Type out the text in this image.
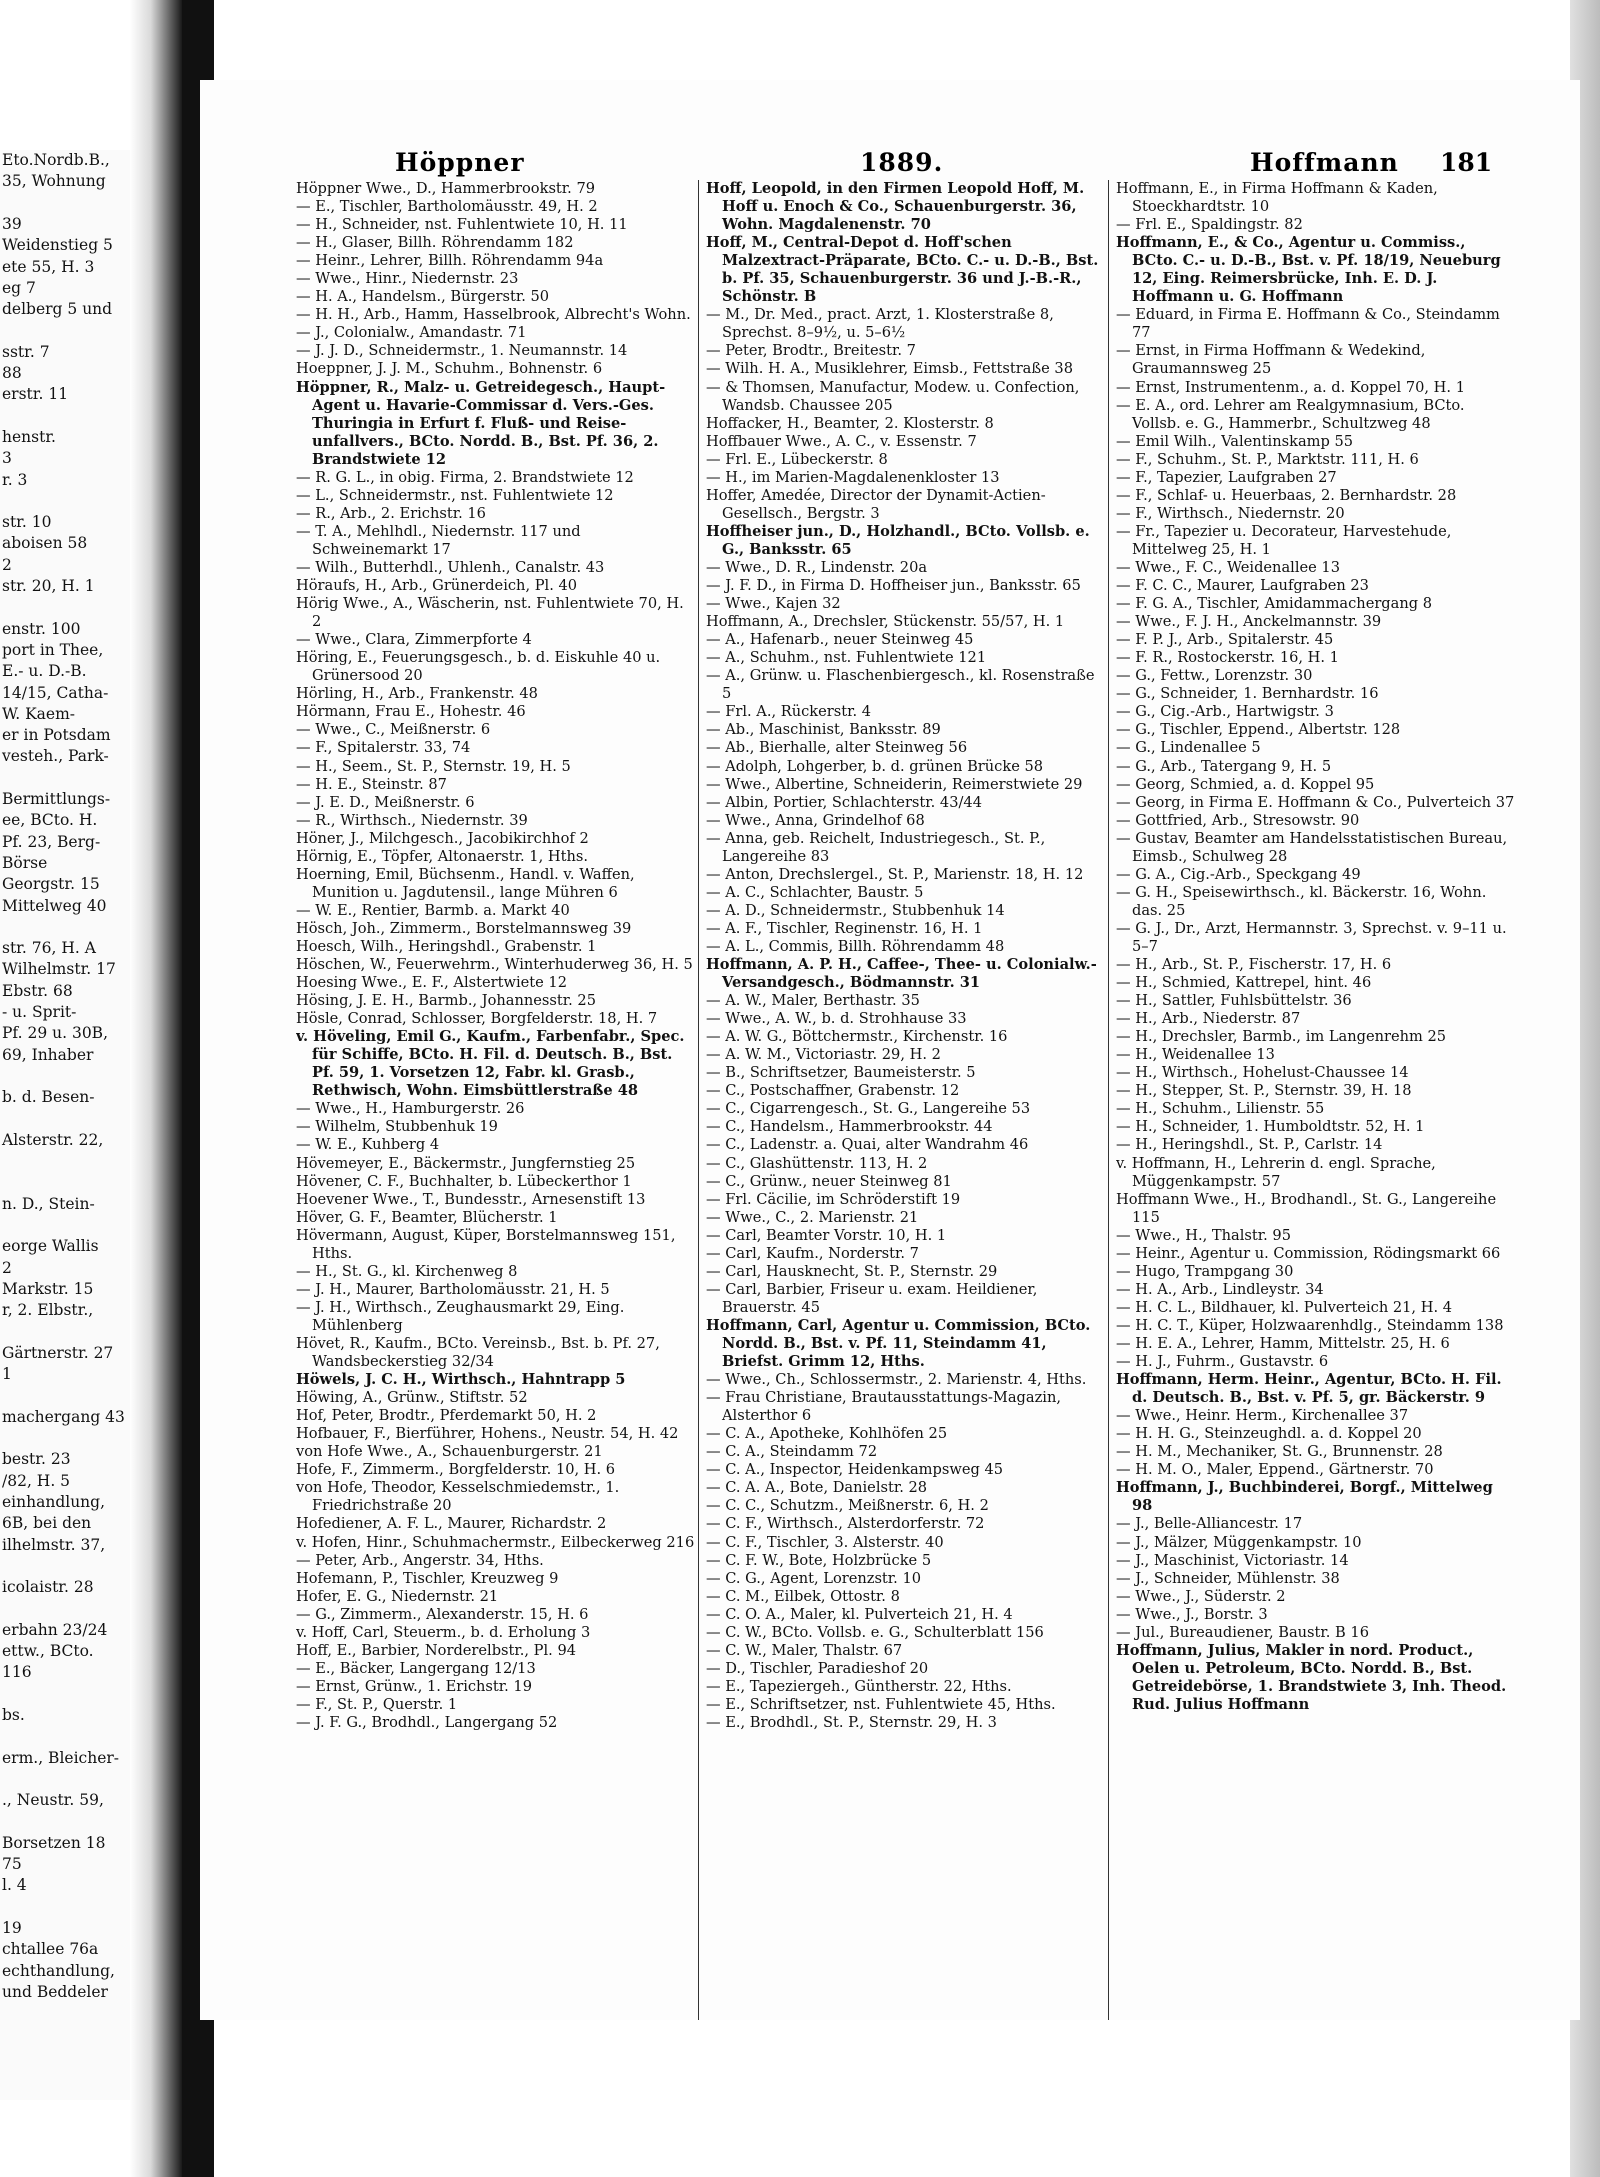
Eto.Nordb.B.,
35, Wohnung
39
Weidenstieg 5
ete 55, H. 3
eg 7
delberg 5 und
sstr. 7
88
erstr. 11
henstr.
3
r. 3
str. 10
aboisen 58
2
str. 20, H. 1
enstr. 100
port in Thee,
E.- u. D.-B.
14/15, Catha-
W. Kaem-
er in Potsdam
vesteh., Park-
Bermittlungs-
ee, BCto. H.
Pf. 23, Berg-
Börse
Georgstr. 15
Mittelweg 40
str. 76, H. A
Wilhelmstr. 17
Ebstr. 68
- u. Sprit-
Pf. 29 u. 30B,
69, Inhaber
b. d. Besen-
Alsterstr. 22,
n. D., Stein-
eorge Wallis
2
Markstr. 15
r, 2. Elbstr.,
Gärtnerstr. 27
1
machergang 43
bestr. 23
/82, H. 5
einhandlung,
6B, bei den
ilhelmstr. 37,
icolaistr. 28
erbahn 23/24
ettw., BCto.
116
bs.
erm., Bleicher-
., Neustr. 59,
Borsetzen 18
75
l. 4
19
chtallee 76a
echthandlung,
und Beddeler
Höppner	1889.	Hoffmann 181
Höppner Wwe., D., Hammerbrookstr. 79
— E., Tischler, Bartholomäusstr. 49, H. 2
— H., Schneider, nst. Fuhlentwiete 10, H. 11
— H., Glaser, Billh. Röhrendamm 182
— Heinr., Lehrer, Billh. Röhrendamm 94a
— Wwe., Hinr., Niedernstr. 23
— H. A., Handelsm., Bürgerstr. 50
— H. H., Arb., Hamm, Hasselbrook, Albrecht's Wohn.
— J., Colonialw., Amandastr. 71
— J. J. D., Schneidermstr., 1. Neumannstr. 14
Hoeppner, J. J. M., Schuhm., Bohnenstr. 6
Höppner, R., Malz- u. Getreidegesch., Haupt-Agent u. Havarie-Commissar d. Vers.-Ges. Thuringia in Erfurt f. Fluß- und Reise-unfallvers., BCto. Nordd. B., Bst. Pf. 36, 2. Brandstwiete 12
— R. G. L., in obig. Firma, 2. Brandstwiete 12
— L., Schneidermstr., nst. Fuhlentwiete 12
— R., Arb., 2. Erichstr. 16
— T. A., Mehlhdl., Niedernstr. 117 und Schweinemarkt 17
— Wilh., Butterhdl., Uhlenh., Canalstr. 43
Höraufs, H., Arb., Grünerdeich, Pl. 40
Hörig Wwe., A., Wäscherin, nst. Fuhlentwiete 70, H. 2
— Wwe., Clara, Zimmerpforte 4
Höring, E., Feuerungsgesch., b. d. Eiskuhle 40 u. Grünersood 20
Hörling, H., Arb., Frankenstr. 48
Hörmann, Frau E., Hohestr. 46
— Wwe., C., Meißnerstr. 6
— F., Spitalerstr. 33, 74
— H., Seem., St. P., Sternstr. 19, H. 5
— H. E., Steinstr. 87
— J. E. D., Meißnerstr. 6
— R., Wirthsch., Niedernstr. 39
Höner, J., Milchgesch., Jacobikirchhof 2
Hörnig, E., Töpfer, Altonaerstr. 1, Hths.
Hoerning, Emil, Büchsenm., Handl. v. Waffen, Munition u. Jagdutensil., lange Mühren 6
— W. E., Rentier, Barmb. a. Markt 40
Hösch, Joh., Zimmerm., Borstelmannsweg 39
Hoesch, Wilh., Heringshdl., Grabenstr. 1
Höschen, W., Feuerwehrm., Winterhuderweg 36, H. 5
Hoesing Wwe., E. F., Alstertwiete 12
Hösing, J. E. H., Barmb., Johannesstr. 25
Hösle, Conrad, Schlosser, Borgfelderstr. 18, H. 7
v. Höveling, Emil G., Kaufm., Farbenfabr., Spec. für Schiffe, BCto. H. Fil. d. Deutsch. B., Bst. Pf. 59, 1. Vorsetzen 12, Fabr. kl. Grasb., Rethwisch, Wohn. Eimsbüttlerstraße 48
— Wwe., H., Hamburgerstr. 26
— Wilhelm, Stubbenhuk 19
— W. E., Kuhberg 4
Hövemeyer, E., Bäckermstr., Jungfernstieg 25
Hövener, C. F., Buchhalter, b. Lübeckerthor 1
Hoevener Wwe., T., Bundesstr., Arnesenstift 13
Höver, G. F., Beamter, Blücherstr. 1
Hövermann, August, Küper, Borstelmannsweg 151, Hths.
— H., St. G., kl. Kirchenweg 8
— J. H., Maurer, Bartholomäusstr. 21, H. 5
— J. H., Wirthsch., Zeughausmarkt 29, Eing. Mühlenberg
Hövet, R., Kaufm., BCto. Vereinsb., Bst. b. Pf. 27, Wandsbeckerstieg 32/34
Höwels, J. C. H., Wirthsch., Hahntrapp 5
Höwing, A., Grünw., Stiftstr. 52
Hof, Peter, Brodtr., Pferdemarkt 50, H. 2
Hofbauer, F., Bierführer, Hohens., Neustr. 54, H. 42
von Hofe Wwe., A., Schauenburgerstr. 21
Hofe, F., Zimmerm., Borgfelderstr. 10, H. 6
von Hofe, Theodor, Kesselschmiedemstr., 1. Friedrichstraße 20
Hofediener, A. F. L., Maurer, Richardstr. 2
v. Hofen, Hinr., Schuhmachermstr., Eilbeckerweg 216
— Peter, Arb., Angerstr. 34, Hths.
Hofemann, P., Tischler, Kreuzweg 9
Hofer, E. G., Niedernstr. 21
— G., Zimmerm., Alexanderstr. 15, H. 6
v. Hoff, Carl, Steuerm., b. d. Erholung 3
Hoff, E., Barbier, Norderelbstr., Pl. 94
— E., Bäcker, Langergang 12/13
— Ernst, Grünw., 1. Erichstr. 19
— F., St. P., Querstr. 1
— J. F. G., Brodhdl., Langergang 52
Hoff, Leopold, in den Firmen Leopold Hoff, M. Hoff u. Enoch & Co., Schauenburgerstr. 36, Wohn. Magdalenenstr. 70
Hoff, M., Central-Depot d. Hoff'schen Malzextract-Präparate, BCto. C.- u. D.-B., Bst. b. Pf. 35, Schauenburgerstr. 36 und J.-B.-R., Schönstr. B
— M., Dr. Med., pract. Arzt, 1. Klosterstraße 8, Sprechst. 8–9½, u. 5–6½
— Peter, Brodtr., Breitestr. 7
— Wilh. H. A., Musiklehrer, Eimsb., Fettstraße 38
— & Thomsen, Manufactur, Modew. u. Confection, Wandsb. Chaussee 205
Hoffacker, H., Beamter, 2. Klosterstr. 8
Hoffbauer Wwe., A. C., v. Essenstr. 7
— Frl. E., Lübeckerstr. 8
— H., im Marien-Magdalenenkloster 13
Hoffer, Amedée, Director der Dynamit-Actien-Gesellsch., Bergstr. 3
Hoffheiser jun., D., Holzhandl., BCto. Vollsb. e. G., Banksstr. 65
— Wwe., D. R., Lindenstr. 20a
— J. F. D., in Firma D. Hoffheiser jun., Banksstr. 65
— Wwe., Kajen 32
Hoffmann, A., Drechsler, Stückenstr. 55/57, H. 1
— A., Hafenarb., neuer Steinweg 45
— A., Schuhm., nst. Fuhlentwiete 121
— A., Grünw. u. Flaschenbiergesch., kl. Rosenstraße 5
— Frl. A., Rückerstr. 4
— Ab., Maschinist, Banksstr. 89
— Ab., Bierhalle, alter Steinweg 56
— Adolph, Lohgerber, b. d. grünen Brücke 58
— Wwe., Albertine, Schneiderin, Reimerstwiete 29
— Albin, Portier, Schlachterstr. 43/44
— Wwe., Anna, Grindelhof 68
— Anna, geb. Reichelt, Industriegesch., St. P., Langereihe 83
— Anton, Drechslergel., St. P., Marienstr. 18, H. 12
— A. C., Schlachter, Baustr. 5
— A. D., Schneidermstr., Stubbenhuk 14
— A. F., Tischler, Reginenstr. 16, H. 1
— A. L., Commis, Billh. Röhrendamm 48
Hoffmann, A. P. H., Caffee-, Thee- u. Colonialw.-Versandgesch., Bödmannstr. 31
— A. W., Maler, Berthastr. 35
— Wwe., A. W., b. d. Strohhause 33
— A. W. G., Böttchermstr., Kirchenstr. 16
— A. W. M., Victoriastr. 29, H. 2
— B., Schriftsetzer, Baumeisterstr. 5
— C., Postschaffner, Grabenstr. 12
— C., Cigarrengesch., St. G., Langereihe 53
— C., Handelsm., Hammerbrookstr. 44
— C., Ladenstr. a. Quai, alter Wandrahm 46
— C., Glashüttenstr. 113, H. 2
— C., Grünw., neuer Steinweg 81
— Frl. Cäcilie, im Schröderstift 19
— Wwe., C., 2. Marienstr. 21
— Carl, Beamter Vorstr. 10, H. 1
— Carl, Kaufm., Norderstr. 7
— Carl, Hausknecht, St. P., Sternstr. 29
— Carl, Barbier, Friseur u. exam. Heildiener, Brauerstr. 45
Hoffmann, Carl, Agentur u. Commission, BCto. Nordd. B., Bst. v. Pf. 11, Steindamm 41, Briefst. Grimm 12, Hths.
— Wwe., Ch., Schlossermstr., 2. Marienstr. 4, Hths.
— Frau Christiane, Brautausstattungs-Magazin, Alsterthor 6
— C. A., Apotheke, Kohlhöfen 25
— C. A., Steindamm 72
— C. A., Inspector, Heidenkampsweg 45
— C. A. A., Bote, Danielstr. 28
— C. C., Schutzm., Meißnerstr. 6, H. 2
— C. F., Wirthsch., Alsterdorferstr. 72
— C. F., Tischler, 3. Alsterstr. 40
— C. F. W., Bote, Holzbrücke 5
— C. G., Agent, Lorenzstr. 10
— C. M., Eilbek, Ottostr. 8
— C. O. A., Maler, kl. Pulverteich 21, H. 4
— C. W., BCto. Vollsb. e. G., Schulterblatt 156
— C. W., Maler, Thalstr. 67
— D., Tischler, Paradieshof 20
— E., Tapeziergeh., Güntherstr. 22, Hths.
— E., Schriftsetzer, nst. Fuhlentwiete 45, Hths.
— E., Brodhdl., St. P., Sternstr. 29, H. 3
Hoffmann, E., in Firma Hoffmann & Kaden, Stoeckhardtstr. 10
— Frl. E., Spaldingstr. 82
Hoffmann, E., & Co., Agentur u. Commiss., BCto. C.- u. D.-B., Bst. v. Pf. 18/19, Neueburg 12, Eing. Reimersbrücke, Inh. E. D. J. Hoffmann u. G. Hoffmann
— Eduard, in Firma E. Hoffmann & Co., Steindamm 77
— Ernst, in Firma Hoffmann & Wedekind, Graumannsweg 25
— Ernst, Instrumentenm., a. d. Koppel 70, H. 1
— E. A., ord. Lehrer am Realgymnasium, BCto. Vollsb. e. G., Hammerbr., Schultzweg 48
— Emil Wilh., Valentinskamp 55
— F., Schuhm., St. P., Marktstr. 111, H. 6
— F., Tapezier, Laufgraben 27
— F., Schlaf- u. Heuerbaas, 2. Bernhardstr. 28
— F., Wirthsch., Niedernstr. 20
— Fr., Tapezier u. Decorateur, Harvestehude, Mittelweg 25, H. 1
— Wwe., F. C., Weidenallee 13
— F. C. C., Maurer, Laufgraben 23
— F. G. A., Tischler, Amidammachergang 8
— Wwe., F. J. H., Anckelmannstr. 39
— F. P. J., Arb., Spitalerstr. 45
— F. R., Rostockerstr. 16, H. 1
— G., Fettw., Lorenzstr. 30
— G., Schneider, 1. Bernhardstr. 16
— G., Cig.-Arb., Hartwigstr. 3
— G., Tischler, Eppend., Albertstr. 128
— G., Lindenallee 5
— G., Arb., Tatergang 9, H. 5
— Georg, Schmied, a. d. Koppel 95
— Georg, in Firma E. Hoffmann & Co., Pulverteich 37
— Gottfried, Arb., Stresowstr. 90
— Gustav, Beamter am Handelsstatistischen Bureau, Eimsb., Schulweg 28
— G. A., Cig.-Arb., Speckgang 49
— G. H., Speisewirthsch., kl. Bäckerstr. 16, Wohn. das. 25
— G. J., Dr., Arzt, Hermannstr. 3, Sprechst. v. 9–11 u. 5–7
— H., Arb., St. P., Fischerstr. 17, H. 6
— H., Schmied, Kattrepel, hint. 46
— H., Sattler, Fuhlsbüttelstr. 36
— H., Arb., Niederstr. 87
— H., Drechsler, Barmb., im Langenrehm 25
— H., Weidenallee 13
— H., Wirthsch., Hohelust-Chaussee 14
— H., Stepper, St. P., Sternstr. 39, H. 18
— H., Schuhm., Lilienstr. 55
— H., Schneider, 1. Humboldtstr. 52, H. 1
— H., Heringshdl., St. P., Carlstr. 14
v. Hoffmann, H., Lehrerin d. engl. Sprache, Müggenkampstr. 57
Hoffmann Wwe., H., Brodhandl., St. G., Langereihe 115
— Wwe., H., Thalstr. 95
— Heinr., Agentur u. Commission, Rödingsmarkt 66
— Hugo, Trampgang 30
— H. A., Arb., Lindleystr. 34
— H. C. L., Bildhauer, kl. Pulverteich 21, H. 4
— H. C. T., Küper, Holzwaarenhdlg., Steindamm 138
— H. E. A., Lehrer, Hamm, Mittelstr. 25, H. 6
— H. J., Fuhrm., Gustavstr. 6
Hoffmann, Herm. Heinr., Agentur, BCto. H. Fil. d. Deutsch. B., Bst. v. Pf. 5, gr. Bäckerstr. 9
— Wwe., Heinr. Herm., Kirchenallee 37
— H. H. G., Steinzeughdl. a. d. Koppel 20
— H. M., Mechaniker, St. G., Brunnenstr. 28
— H. M. O., Maler, Eppend., Gärtnerstr. 70
Hoffmann, J., Buchbinderei, Borgf., Mittelweg 98
— J., Belle-Alliancestr. 17
— J., Mälzer, Müggenkampstr. 10
— J., Maschinist, Victoriastr. 14
— J., Schneider, Mühlenstr. 38
— Wwe., J., Süderstr. 2
— Wwe., J., Borstr. 3
— Jul., Bureaudiener, Baustr. B 16
Hoffmann, Julius, Makler in nord. Product., Oelen u. Petroleum, BCto. Nordd. B., Bst. Getreidebörse, 1. Brandstwiete 3, Inh. Theod. Rud. Julius Hoffmann
